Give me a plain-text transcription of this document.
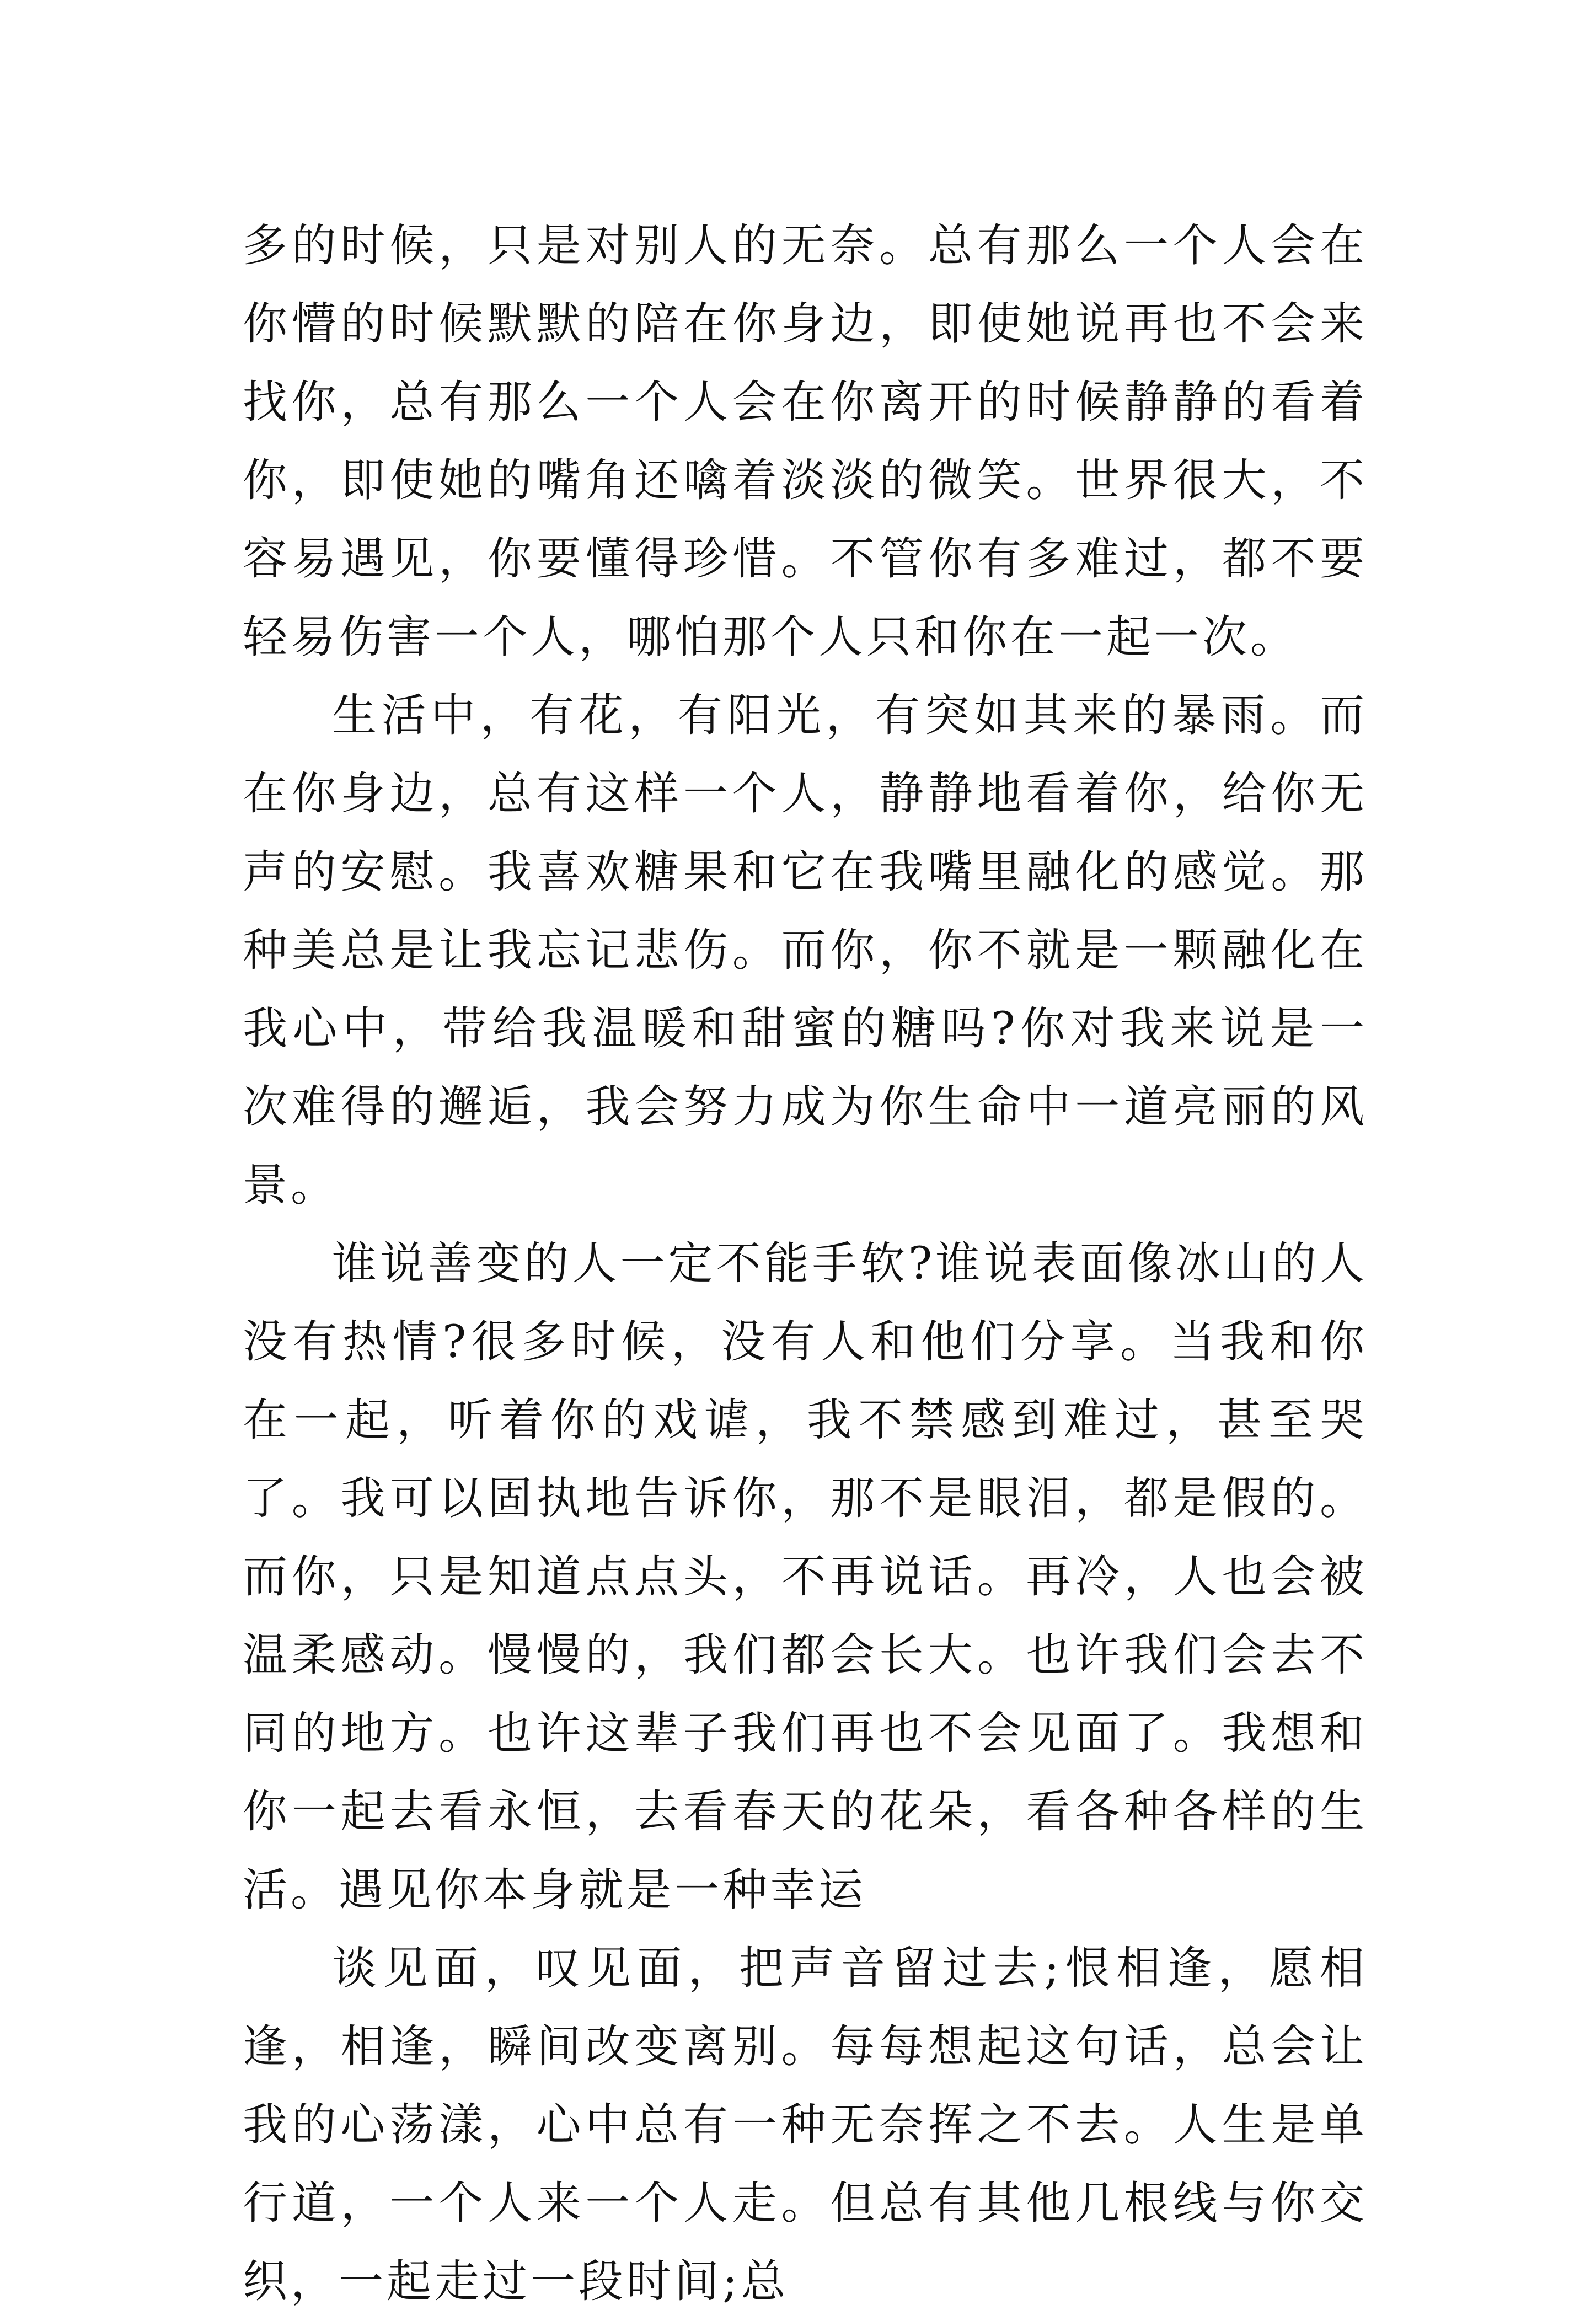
多的时候，只是对别人的无奈。总有那么一个人会在你懵的时候默默的陪在你身边，即使她说再也不会来找你，总有那么一个人会在你离开的时候静静的看着你，即使她的嘴角还噙着淡淡的微笑。世界很大，不容易遇见，你要懂得珍惜。不管你有多难过，都不要轻易伤害一个人，哪怕那个人只和你在一起一次。

生活中，有花，有阳光，有突如其来的暴雨。而在你身边，总有这样一个人，静静地看着你，给你无声的安慰。我喜欢糖果和它在我嘴里融化的感觉。那种美总是让我忘记悲伤。而你，你不就是一颗融化在我心中，带给我温暖和甜蜜的糖吗?你对我来说是一次难得的邂逅，我会努力成为你生命中一道亮丽的风景。

谁说善变的人一定不能手软?谁说表面像冰山的人没有热情?很多时候，没有人和他们分享。当我和你在一起，听着你的戏谑，我不禁感到难过，甚至哭了。我可以固执地告诉你，那不是眼泪，都是假的。而你，只是知道点点头，不再说话。再冷，人也会被温柔感动。慢慢的，我们都会长大。也许我们会去不同的地方。也许这辈子我们再也不会见面了。我想和你一起去看永恒，去看春天的花朵，看各种各样的生活。遇见你本身就是一种幸运

谈见面，叹见面，把声音留过去;恨相逢，愿相逢，相逢，瞬间改变离别。每每想起这句话，总会让我的心荡漾，心中总有一种无奈挥之不去。人生是单行道，一个人来一个人走。但总有其他几根线与你交织，一起走过一段时间;总
